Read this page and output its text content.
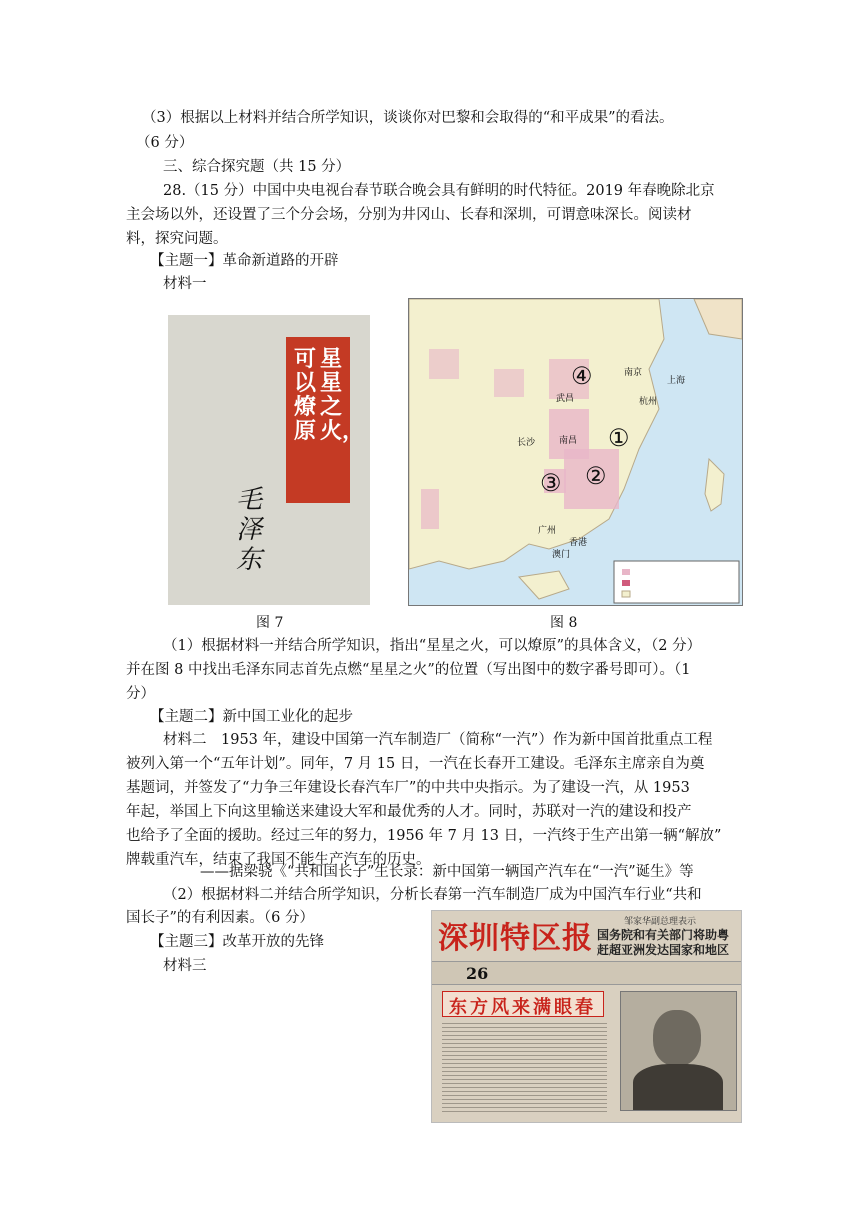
（3）根据以上材料并结合所学知识，谈谈你对巴黎和会取得的“和平成果”的看法。
（6 分）
三、综合探究题（共 15 分）
28.（15 分）中国中央电视台春节联合晚会具有鲜明的时代特征。2019 年春晚除北京
主会场以外，还设置了三个分会场，分别为井冈山、长春和深圳，可谓意味深长。阅读材
料，探究问题。
【主题一】革命新道路的开辟
材料一
星星之火，
可以燎原
毛泽东
图 7
④
①
②
③
南京
上海
杭州
武昌
长沙	南昌
广州
香港
澳门
图 8
（1）根据材料一并结合所学知识，指出“星星之火，可以燎原”的具体含义，（2 分）
并在图 8 中找出毛泽东同志首先点燃“星星之火”的位置（写出图中的数字番号即可）。（1
分）
【主题二】新中国工业化的起步
材料二　1953 年，建设中国第一汽车制造厂（简称“一汽”）作为新中国首批重点工程
被列入第一个“五年计划”。同年，7 月 15 日，一汽在长春开工建设。毛泽东主席亲自为奠
基题词，并签发了“力争三年建设长春汽车厂”的中共中央指示。为了建设一汽，从 1953
年起，举国上下向这里输送来建设大军和最优秀的人才。同时，苏联对一汽的建设和投产
也给予了全面的援助。经过三年的努力，1956 年 7 月 13 日，一汽终于生产出第一辆“解放”
牌载重汽车，结束了我国不能生产汽车的历史。
——据梁骁《“共和国长子”生长录：新中国第一辆国产汽车在“一汽”诞生》等
（2）根据材料二并结合所学知识，分析长春第一汽车制造厂成为中国汽车行业“共和
国长子”的有利因素。（6 分）
【主题三】改革开放的先锋
材料三
深圳特区报	邹家华副总理表示
国务院和有关部门将助粤
赶超亚洲发达国家和地区
26
东方风来满眼春
